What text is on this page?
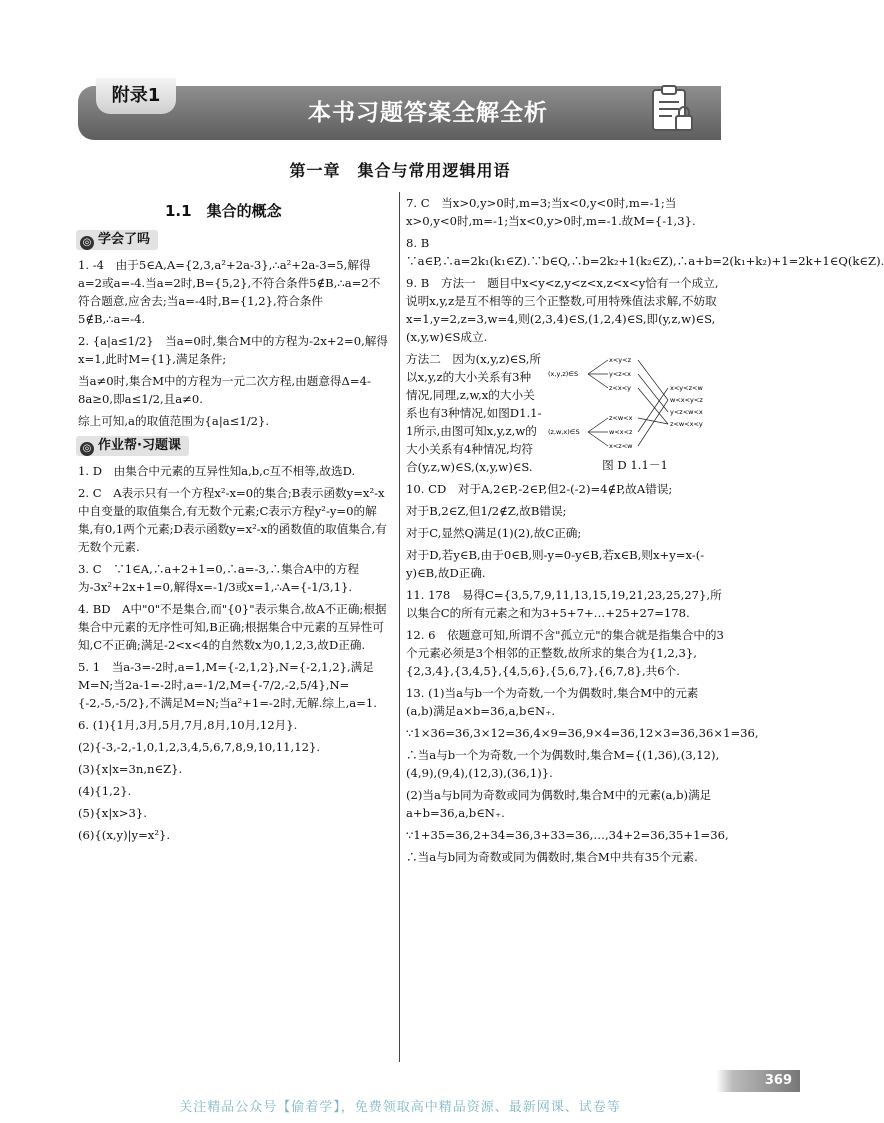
附录1
本书习题答案全解全析
第一章　集合与常用逻辑用语
1.1　集合的概念
◎ 学会了吗

1. -4　由于5∈A,A={2,3,a²+2a-3},∴a²+2a-3=5,解得a=2或a=-4.当a=2时,B={5,2},不符合条件5∉B,∴a=2不符合题意,应舍去;当a=-4时,B={1,2},符合条件5∉B,∴a=-4.

2. {a|a≤1/2}　当a=0时,集合M中的方程为-2x+2=0,解得x=1,此时M={1},满足条件;

当a≠0时,集合M中的方程为一元二次方程,由题意得Δ=4-8a≥0,即a≤1/2,且a≠0.

综上可知,a的取值范围为{a|a≤1/2}.

◎ 作业帮·习题课

1. D　由集合中元素的互异性知a,b,c互不相等,故选D.

2. C　A表示只有一个方程x²-x=0的集合;B表示函数y=x²-x中自变量的取值集合,有无数个元素;C表示方程y²-y=0的解集,有0,1两个元素;D表示函数y=x²-x的函数值的取值集合,有无数个元素.

3. C　∵1∈A,∴a+2+1=0,∴a=-3,∴集合A中的方程为-3x²+2x+1=0,解得x=-1/3或x=1,∴A={-1/3,1}.

4. BD　A中"0"不是集合,而"{0}"表示集合,故A不正确;根据集合中元素的无序性可知,B正确;根据集合中元素的互异性可知,C不正确;满足-2<x<4的自然数x为0,1,2,3,故D正确.

5. 1　当a-3=-2时,a=1,M={-2,1,2},N={-2,1,2},满足M=N;当2a-1=-2时,a=-1/2,M={-7/2,-2,5/4},N={-2,-5,-5/2},不满足M=N;当a²+1=-2时,无解.综上,a=1.

6. (1){1月,3月,5月,7月,8月,10月,12月}.

(2){-3,-2,-1,0,1,2,3,4,5,6,7,8,9,10,11,12}.

(3){x|x=3n,n∈Z}.

(4){1,2}.

(5){x|x>3}.

(6){(x,y)|y=x²}.

7. C　当x>0,y>0时,m=3;当x<0,y<0时,m=-1;当x>0,y<0时,m=-1;当x<0,y>0时,m=-1.故M={-1,3}.

8. B　∵a∈P,∴a=2k₁(k₁∈Z).∵b∈Q,∴b=2k₂+1(k₂∈Z),∴a+b=2(k₁+k₂)+1=2k+1∈Q(k∈Z).

9. B　方法一　题目中x<y<z,y<z<x,z<x<y恰有一个成立,说明x,y,z是互不相等的三个正整数,可用特殊值法求解,不妨取x=1,y=2,z=3,w=4,则(2,3,4)∈S,(1,2,4)∈S,即(y,z,w)∈S,(x,y,w)∈S成立.

(x,y,z)∈S
(z,w,x)∈S
x<y<z
y<z<x
z<x<y
z<w<x
w<x<z
x<z<w
x<y<z<w
w<x<y<z
y<z<w<x
z<w<x<y
图 D 1.1－1

方法二　因为(x,y,z)∈S,所以x,y,z的大小关系有3种情况,同理,z,w,x的大小关系也有3种情况,如图D1.1-1所示,由图可知x,y,z,w的大小关系有4种情况,均符合(y,z,w)∈S,(x,y,w)∈S.

10. CD　对于A,2∈P,-2∈P,但2-(-2)=4∉P,故A错误;

对于B,2∈Z,但1/2∉Z,故B错误;

对于C,显然Q满足(1)(2),故C正确;

对于D,若y∈B,由于0∈B,则-y=0-y∈B,若x∈B,则x+y=x-(-y)∈B,故D正确.

11. 178　易得C={3,5,7,9,11,13,15,19,21,23,25,27},所以集合C的所有元素之和为3+5+7+…+25+27=178.

12. 6　依题意可知,所谓不含"孤立元"的集合就是指集合中的3个元素必须是3个相邻的正整数,故所求的集合为{1,2,3},{2,3,4},{3,4,5},{4,5,6},{5,6,7},{6,7,8},共6个.

13. (1)当a与b一个为奇数,一个为偶数时,集合M中的元素(a,b)满足a×b=36,a,b∈N₊.

∵1×36=36,3×12=36,4×9=36,9×4=36,12×3=36,36×1=36,

∴当a与b一个为奇数,一个为偶数时,集合M={(1,36),(3,12),(4,9),(9,4),(12,3),(36,1)}.

(2)当a与b同为奇数或同为偶数时,集合M中的元素(a,b)满足a+b=36,a,b∈N₊.

∵1+35=36,2+34=36,3+33=36,…,34+2=36,35+1=36,

∴当a与b同为奇数或同为偶数时,集合M中共有35个元素.

369
关注精品公众号【偷着学】，免费领取高中精品资源、最新网课、试卷等
